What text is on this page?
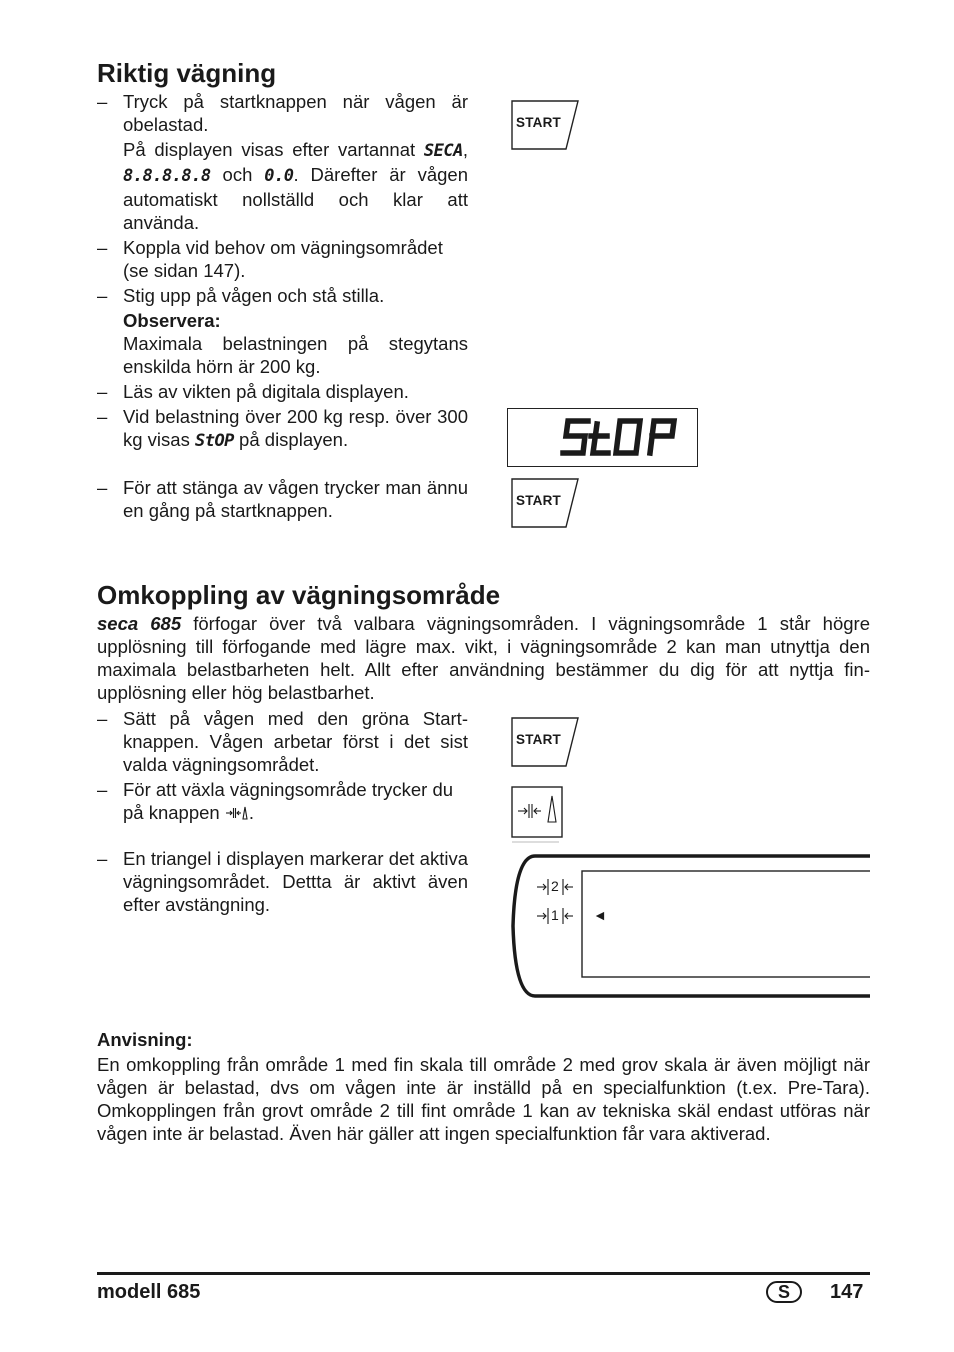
Riktig vägning
– Tryck på startknappen när vågen är obelastad.

På displayen visas efter vartannat SECA, 8.8.8.8.8 och 0.0. Därefter är vågen automatiskt nollställd och klar att använda.

– Koppla vid behov om vägningsområdet (se sidan 147).

– Stig upp på vågen och stå stilla.

Observera:

Maximala belastningen på stegytans enskilda hörn är 200 kg.

– Läs av vikten på digitala displayen.

– Vid belastning över 200 kg resp. över 300 kg visas StOP på displayen.

– För att stänga av vågen trycker man ännu en gång på startknappen.

START
START
Omkoppling av vägningsområde
seca 685 förfogar över två valbara vägningsområden. I vägningsområde 1 står högre upplösning till förfogande med lägre max. vikt, i vägningsområde 2 kan man utnyttja den maximala belastbarheten helt. Allt efter användning bestämmer du dig för att nyttja finupplösning eller hög belastbarhet.
– Sätt på vågen med den gröna Startknappen. Vågen arbetar först i det sist valda vägningsområdet.

– För att växla vägningsområde trycker du på knappen .

– En triangel i displayen markerar det aktiva vägningsområdet. Dettta är aktivt även efter avstängning.

START
2
1 ◄
Anvisning:
En omkoppling från område 1 med fin skala till område 2 med grov skala är även möjligt när vågen är belastad, dvs om vågen inte är inställd på en specialfunktion (t.ex. Pre-Tara). Omkopplingen från grovt område 2 till fint område 1 kan av tekniska skäl endast utföras när vågen inte är belastad. Även här gäller att ingen specialfunktion får vara aktiverad.
modell 685	S	147
